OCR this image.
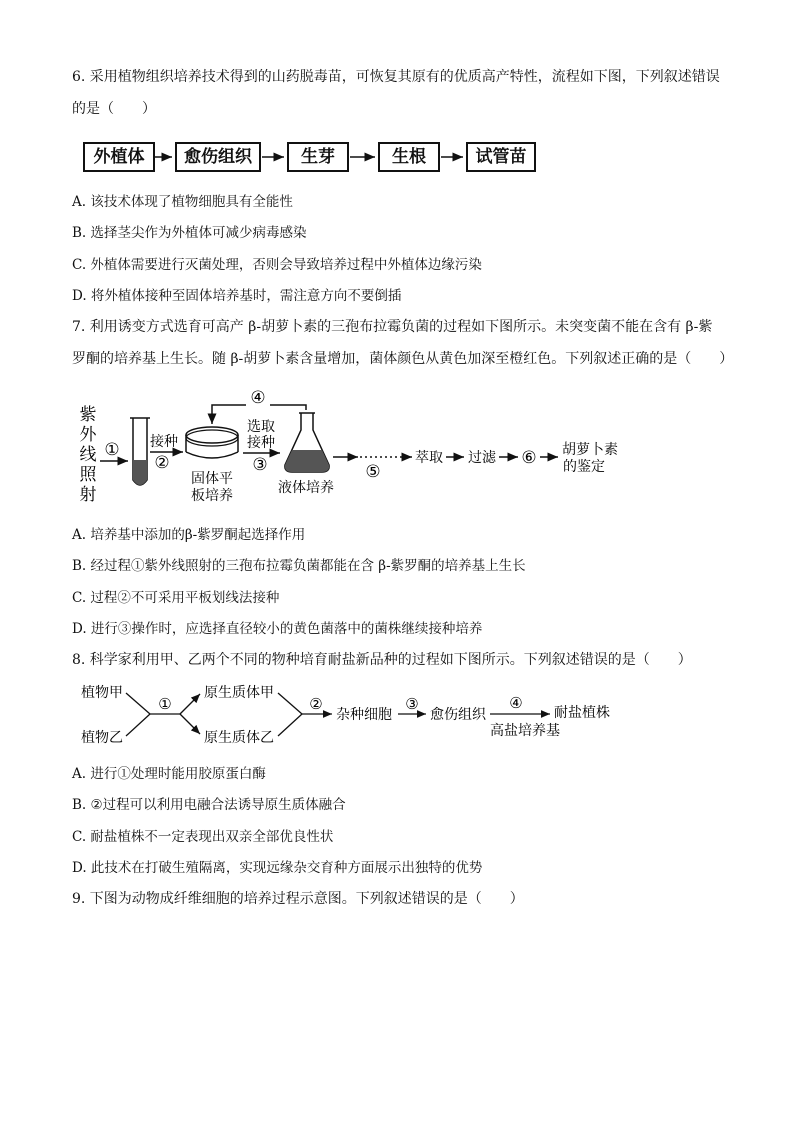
6. 采用植物组织培养技术得到的山药脱毒苗，可恢复其原有的优质高产特性，流程如下图，下列叙述错误
的是（　　）
外植体	愈伤组织	生芽	生根	试管苗
A. 该技术体现了植物细胞具有全能性
B. 选择茎尖作为外植体可减少病毒感染
C. 外植体需要进行灭菌处理，否则会导致培养过程中外植体边缘污染
D. 将外植体接种至固体培养基时，需注意方向不要倒插
7. 利用诱变方式选育可高产 β-胡萝卜素的三孢布拉霉负菌的过程如下图所示。未突变菌不能在含有 β-紫
罗酮的培养基上生长。随 β-胡萝卜素含量增加，菌体颜色从黄色加深至橙红色。下列叙述正确的是（　　）
紫
外
线
照
射
① 接种
②
固体平
板培养
选取
接种
③
液体培养
④
⑤
萃取 过滤 ⑥ 胡萝卜素
的鉴定
A. 培养基中添加的β-紫罗酮起选择作用
B. 经过程①紫外线照射的三孢布拉霉负菌都能在含 β-紫罗酮的培养基上生长
C. 过程②不可采用平板划线法接种
D. 进行③操作时，应选择直径较小的黄色菌落中的菌株继续接种培养
8. 科学家利用甲、乙两个不同的物种培育耐盐新品种的过程如下图所示。下列叙述错误的是（　　）
植物甲
植物乙
①
原生质体甲
原生质体乙
②
杂种细胞
③
愈伤组织
④
高盐培养基
耐盐植株
A. 进行①处理时能用胶原蛋白酶
B. ②过程可以利用电融合法诱导原生质体融合
C. 耐盐植株不一定表现出双亲全部优良性状
D. 此技术在打破生殖隔离，实现远缘杂交育种方面展示出独特的优势
9. 下图为动物成纤维细胞的培养过程示意图。下列叙述错误的是（　　）
